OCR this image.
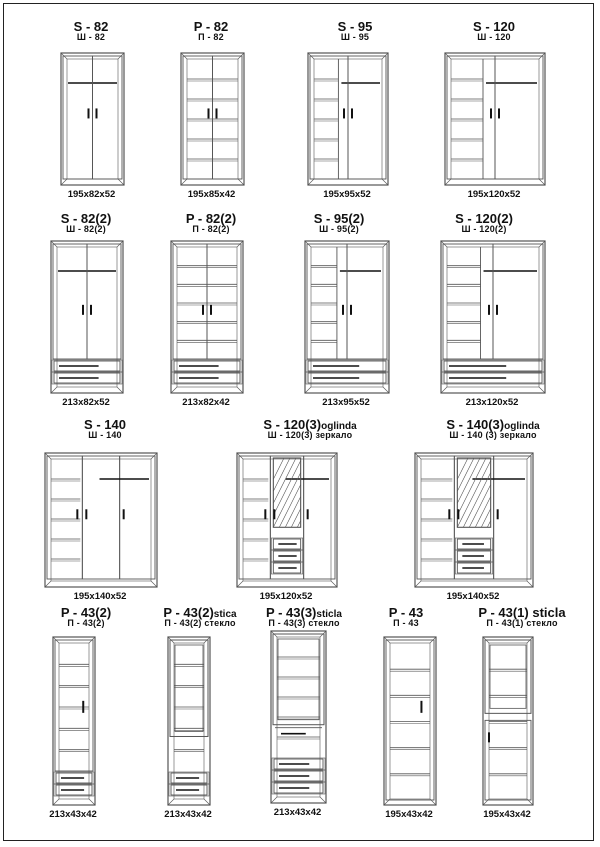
S - 82
Ш - 82
195x82x52
P - 82
П - 82
195x85x42
S - 95
Ш - 95
195x95x52
S - 120
Ш - 120
195x120x52
S - 82(2)
Ш - 82(2)
213x82x52
P - 82(2)
П - 82(2)
213x82x42
S - 95(2)
Ш - 95(2)
213x95x52
S - 120(2)
Ш - 120(2)
213x120x52
S - 140
Ш - 140
195x140x52
S - 120(3)oglinda
Ш - 120(3) зеркало
195x120x52
S - 140(3)oglinda
Ш - 140 (3) зеркало
195x140x52
P - 43(2)
П - 43(2)
213x43x42
P - 43(2)stica
П - 43(2) стекло
213x43x42
P - 43(3)sticla
П - 43(3) стекло
213x43x42
P - 43
П - 43
195x43x42
P - 43(1) sticla
П - 43(1) стекло
195x43x42
